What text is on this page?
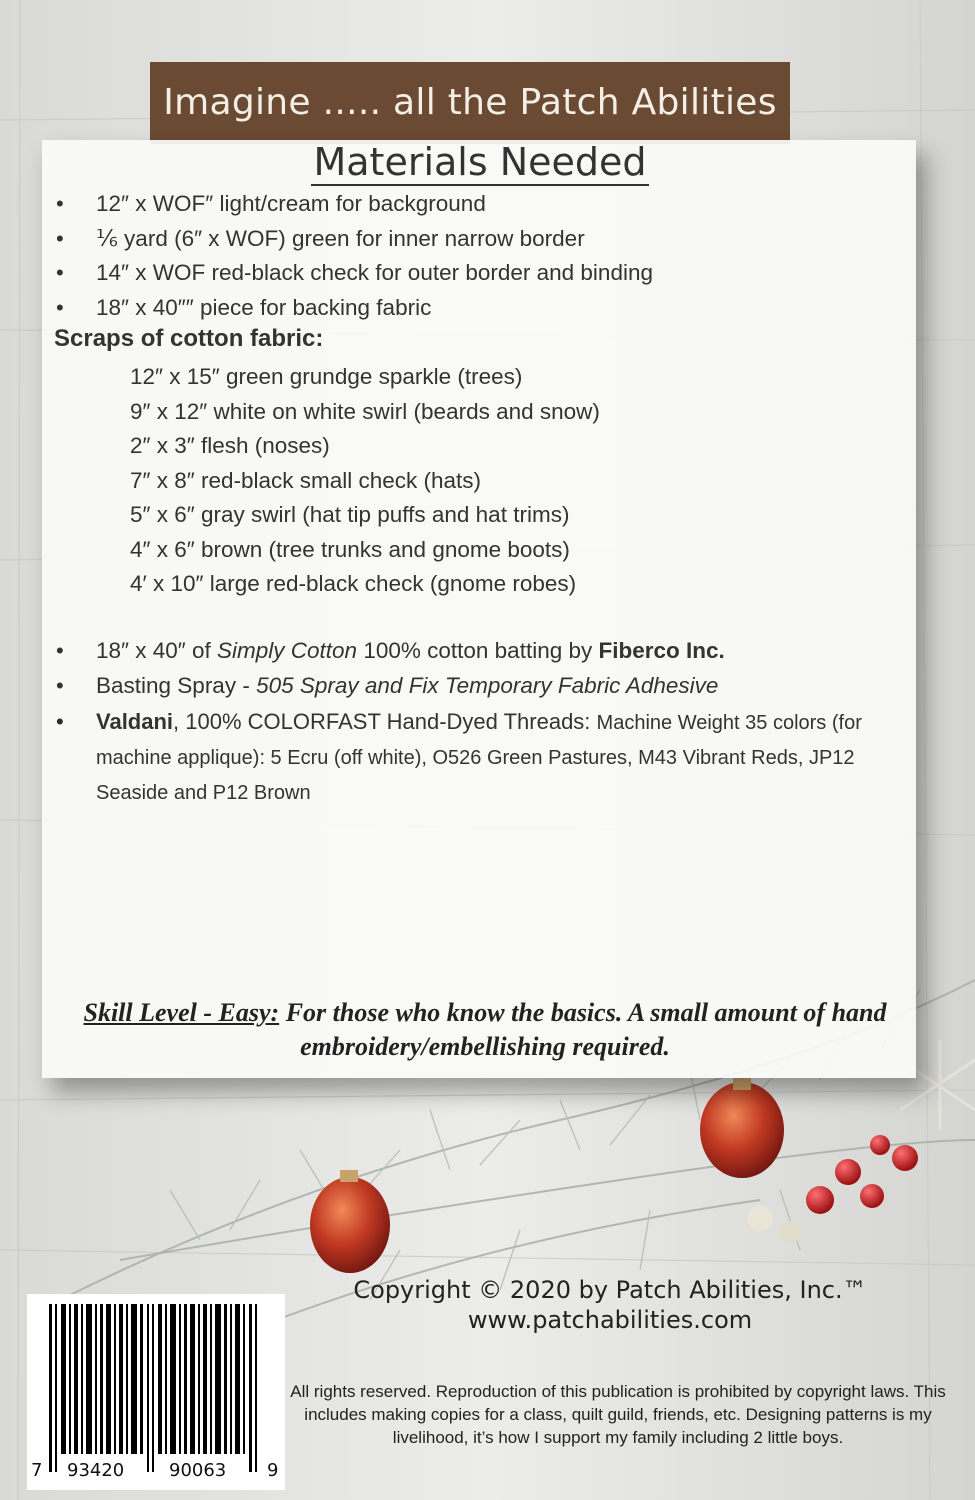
Imagine ..... all the Patch Abilities
Materials Needed
• 12″ x WOF″ light/cream for background
• ⅙ yard (6″ x WOF) green for inner narrow border
• 14″ x WOF red-black check for outer border and binding
• 18″ x 40″″ piece for backing fabric
Scraps of cotton fabric:
12″ x 15″ green grundge sparkle (trees)
9″ x 12″ white on white swirl (beards and snow)
2″ x 3″ flesh (noses)
7″ x 8″ red-black small check (hats)
5″ x 6″ gray swirl (hat tip puffs and hat trims)
4″ x 6″ brown (tree trunks and gnome boots)
4′ x 10″ large red-black check (gnome robes)
• 18″ x 40″ of Simply Cotton 100% cotton batting by Fiberco Inc.
• Basting Spray - 505 Spray and Fix Temporary Fabric Adhesive
• Valdani, 100% COLORFAST Hand-Dyed Threads: Machine Weight 35 colors (for machine applique): 5 Ecru (off white), O526 Green Pastures, M43 Vibrant Reds, JP12 Seaside and P12 Brown
Skill Level - Easy: For those who know the basics. A small amount of hand embroidery/embellishing required.
Copyright © 2020 by Patch Abilities, Inc.™
www.patchabilities.com
All rights reserved. Reproduction of this publication is prohibited by copyright laws. This includes making copies for a class, quilt guild, friends, etc. Designing patterns is my livelihood, it’s how I support my family including 2 little boys.
7 93420 90063 9
